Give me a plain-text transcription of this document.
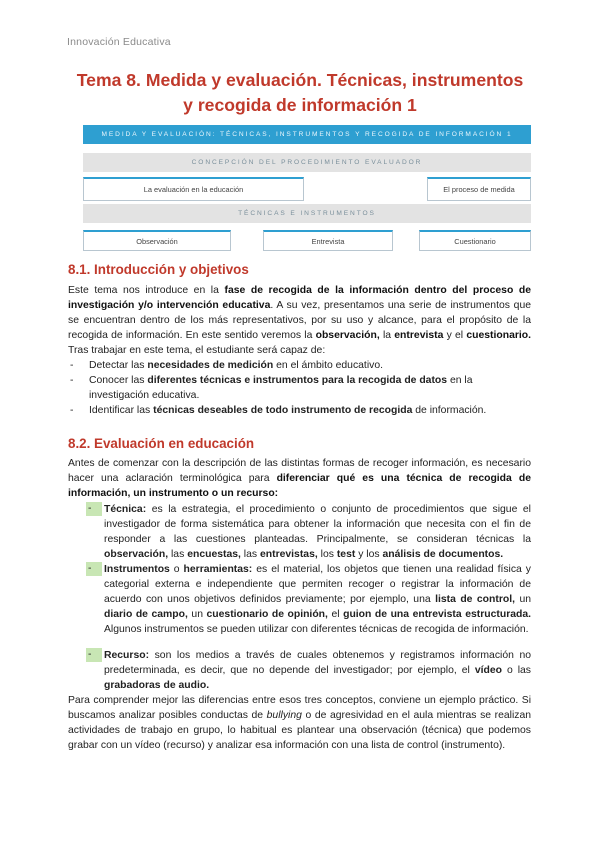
Innovación Educativa
Tema 8. Medida y evaluación. Técnicas, instrumentos
y recogida de información 1
MEDIDA Y EVALUACIÓN: TÉCNICAS, INSTRUMENTOS Y RECOGIDA DE INFORMACIÓN 1
CONCEPCIÓN DEL PROCEDIMIENTO EVALUADOR
La evaluación en la educación	El proceso de medida
TÉCNICAS E INSTRUMENTOS
Observación	Entrevista	Cuestionario
8.1. Introducción y objetivos
Este tema nos introduce en la fase de recogida de la información dentro del proceso de investigación y/o intervención educativa. A su vez, presentamos una serie de instrumentos que se encuentran dentro de los más representativos, por su uso y alcance, para el propósito de la recogida de información. En este sentido veremos la observación, la entrevista y el cuestionario. Tras trabajar en este tema, el estudiante será capaz de:
- Detectar las necesidades de medición en el ámbito educativo.
- Conocer las diferentes técnicas e instrumentos para la recogida de datos en la investigación educativa.
- Identificar las técnicas deseables de todo instrumento de recogida de información.
8.2. Evaluación en educación
Antes de comenzar con la descripción de las distintas formas de recoger información, es necesario hacer una aclaración terminológica para diferenciar qué es una técnica de recogida de información, un instrumento o un recurso:
-	Técnica: es la estrategia, el procedimiento o conjunto de procedimientos que sigue el investigador de forma sistemática para obtener la información que necesita con el fin de responder a las cuestiones planteadas. Principalmente, se consideran técnicas la observación, las encuestas, las entrevistas, los test y los análisis de documentos.
-	Instrumentos o herramientas: es el material, los objetos que tienen una realidad física y categorial externa e independiente que permiten recoger o registrar la información de acuerdo con unos objetivos definidos previamente; por ejemplo, una lista de control, un diario de campo, un cuestionario de opinión, el guion de una entrevista estructurada. Algunos instrumentos se pueden utilizar con diferentes técnicas de recogida de información.
-	Recurso: son los medios a través de cuales obtenemos y registramos información no predeterminada, es decir, que no depende del investigador; por ejemplo, el vídeo o las grabadoras de audio.
Para comprender mejor las diferencias entre esos tres conceptos, conviene un ejemplo práctico. Si buscamos analizar posibles conductas de bullying o de agresividad en el aula mientras se realizan actividades de trabajo en grupo, lo habitual es plantear una observación (técnica) que podemos grabar con un vídeo (recurso) y analizar esa información con una lista de control (instrumento).
